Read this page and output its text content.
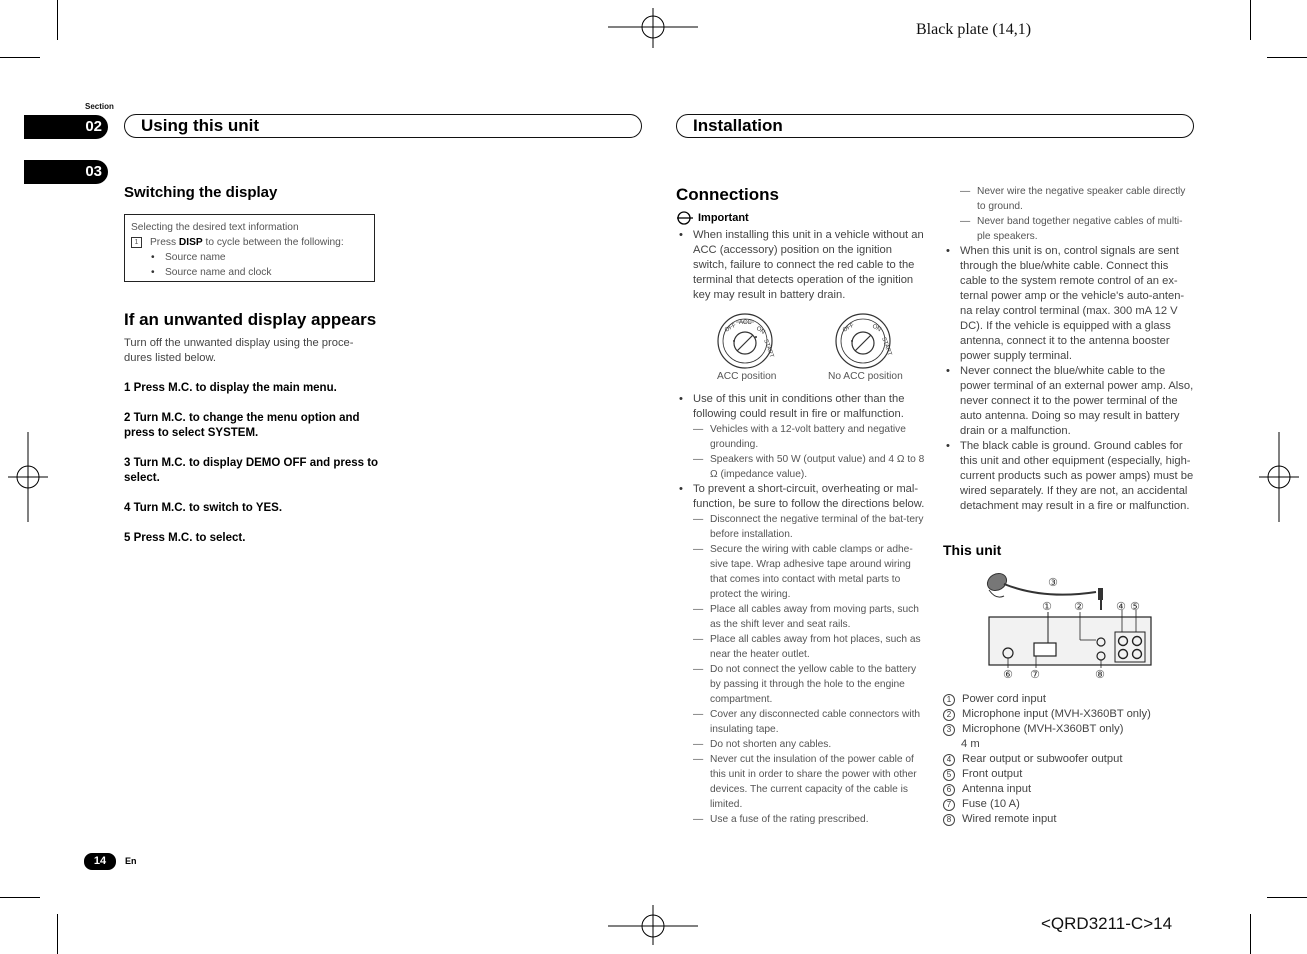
Black plate (14,1)
Section
02
03
Using this unit	Installation
Switching the display
Selecting the desired text information
1	Press DISP to cycle between the following:
• Source name
• Source name and clock
If an unwanted display appears
Turn off the unwanted display using the proce-dures listed below.
1 Press M.C. to display the main menu.
2 Turn M.C. to change the menu option and press to select SYSTEM.
3 Turn M.C. to display DEMO OFF and press to select.
4 Turn M.C. to switch to YES.
5 Press M.C. to select.
Connections
Important
• When installing this unit in a vehicle without an ACC (accessory) position on the ignition switch, failure to connect the red cable to the terminal that detects operation of the ignition key may result in battery drain.
OFF ACC
ON
START
OFF	ON
START
ACC position	No ACC position
• Use of this unit in conditions other than the following could result in fire or malfunction.
— Vehicles with a 12-volt battery and negative grounding.
— Speakers with 50 W (output value) and 4 Ω to 8 Ω (impedance value).
• To prevent a short-circuit, overheating or mal-function, be sure to follow the directions below.
— Disconnect the negative terminal of the bat-tery before installation.
— Secure the wiring with cable clamps or adhe-sive tape. Wrap adhesive tape around wiring that comes into contact with metal parts to protect the wiring.
— Place all cables away from moving parts, such as the shift lever and seat rails.
— Place all cables away from hot places, such as near the heater outlet.
— Do not connect the yellow cable to the battery by passing it through the hole to the engine compartment.
— Cover any disconnected cable connectors with insulating tape.
— Do not shorten any cables.
— Never cut the insulation of the power cable of this unit in order to share the power with other devices. The current capacity of the cable is limited.
— Use a fuse of the rating prescribed.
— Never wire the negative speaker cable directly to ground.
— Never band together negative cables of multi-ple speakers.
• When this unit is on, control signals are sent through the blue/white cable. Connect this cable to the system remote control of an ex-ternal power amp or the vehicle's auto-anten-na relay control terminal (max. 300 mA 12 V DC). If the vehicle is equipped with a glass antenna, connect it to the antenna booster power supply terminal.
• Never connect the blue/white cable to the power terminal of an external power amp. Also, never connect it to the power terminal of the auto antenna. Doing so may result in battery drain or a malfunction.
• The black cable is ground. Ground cables for this unit and other equipment (especially, high-current products such as power amps) must be wired separately. If they are not, an accidental detachment may result in a fire or malfunction.
This unit
③
① ②	④ ⑤
⑥ ⑦	⑧
1 Power cord input
2 Microphone input (MVH-X360BT only)
3 Microphone (MVH-X360BT only)
4 m
4 Rear output or subwoofer output
5 Front output
6 Antenna input
7 Fuse (10 A)
8 Wired remote input
14	En
<QRD3211-C>14
